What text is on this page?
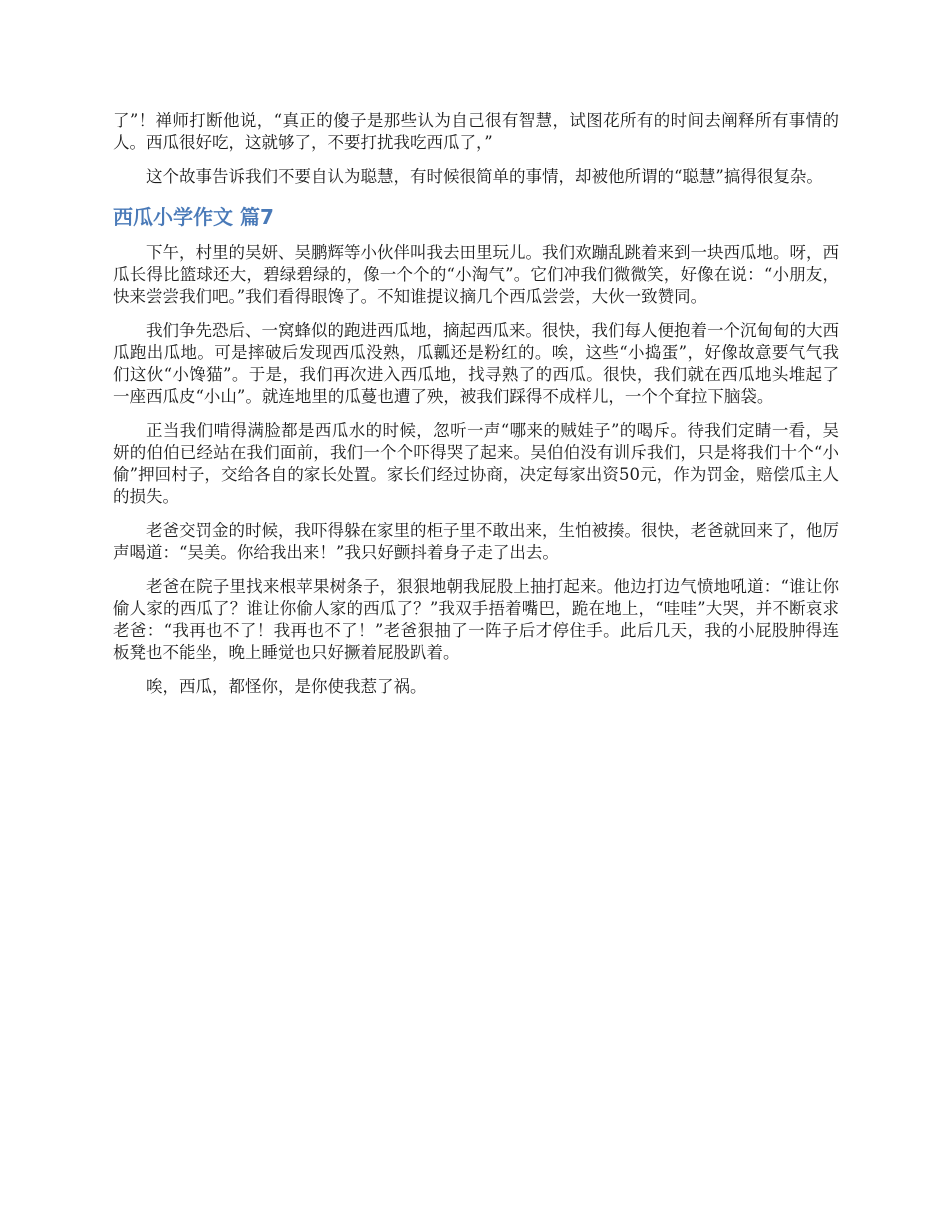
了”！禅师打断他说，“真正的傻子是那些认为自己很有智慧，试图花所有的时间去阐释所有事情的人。西瓜很好吃，这就够了，不要打扰我吃西瓜了，”

这个故事告诉我们不要自认为聪慧，有时候很简单的事情，却被他所谓的“聪慧”搞得很复杂。

西瓜小学作文 篇7

下午，村里的吴妍、吴鹏辉等小伙伴叫我去田里玩儿。我们欢蹦乱跳着来到一块西瓜地。呀，西瓜长得比篮球还大，碧绿碧绿的，像一个个的“小淘气”。它们冲我们微微笑，好像在说：“小朋友，快来尝尝我们吧。”我们看得眼馋了。不知谁提议摘几个西瓜尝尝，大伙一致赞同。

我们争先恐后、一窝蜂似的跑进西瓜地，摘起西瓜来。很快，我们每人便抱着一个沉甸甸的大西瓜跑出瓜地。可是摔破后发现西瓜没熟，瓜瓤还是粉红的。唉，这些“小捣蛋”，好像故意要气气我们这伙“小馋猫”。于是，我们再次进入西瓜地，找寻熟了的西瓜。很快，我们就在西瓜地头堆起了一座西瓜皮“小山”。就连地里的瓜蔓也遭了殃，被我们踩得不成样儿，一个个耷拉下脑袋。

正当我们啃得满脸都是西瓜水的时候，忽听一声“哪来的贼娃子”的喝斥。待我们定睛一看，吴妍的伯伯已经站在我们面前，我们一个个吓得哭了起来。吴伯伯没有训斥我们，只是将我们十个“小偷”押回村子，交给各自的家长处置。家长们经过协商，决定每家出资50元，作为罚金，赔偿瓜主人的损失。

老爸交罚金的时候，我吓得躲在家里的柜子里不敢出来，生怕被揍。很快，老爸就回来了，他厉声喝道：“吴美。你给我出来！”我只好颤抖着身子走了出去。

老爸在院子里找来根苹果树条子，狠狠地朝我屁股上抽打起来。他边打边气愤地吼道：“谁让你偷人家的西瓜了？谁让你偷人家的西瓜了？”我双手捂着嘴巴，跪在地上，“哇哇”大哭，并不断哀求老爸：“我再也不了！我再也不了！”老爸狠抽了一阵子后才停住手。此后几天，我的小屁股肿得连板凳也不能坐，晚上睡觉也只好撅着屁股趴着。

唉，西瓜，都怪你，是你使我惹了祸。
